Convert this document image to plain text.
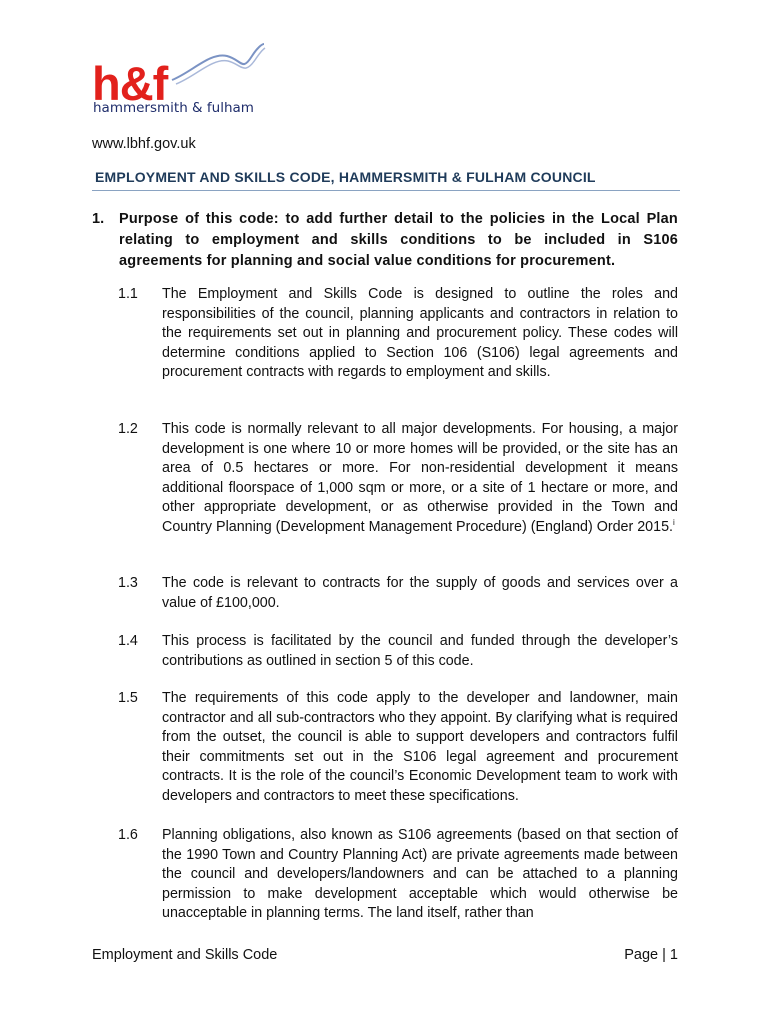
h&f
hammersmith & fulham
www.lbhf.gov.uk
EMPLOYMENT AND SKILLS CODE, HAMMERSMITH & FULHAM COUNCIL
1. Purpose of this code: to add further detail to the policies in the Local Plan relating to employment and skills conditions to be included in S106 agreements for planning and social value conditions for procurement.
1.1 The Employment and Skills Code is designed to outline the roles and responsibilities of the council, planning applicants and contractors in relation to the requirements set out in planning and procurement policy. These codes will determine conditions applied to Section 106 (S106) legal agreements and procurement contracts with regards to employment and skills.
1.2 This code is normally relevant to all major developments. For housing, a major development is one where 10 or more homes will be provided, or the site has an area of 0.5 hectares or more. For non-residential development it means additional floorspace of 1,000 sqm or more, or a site of 1 hectare or more, and other appropriate development, or as otherwise provided in the Town and Country Planning (Development Management Procedure) (England) Order 2015.$^i$
1.3 The code is relevant to contracts for the supply of goods and services over a value of £100,000.
1.4 This process is facilitated by the council and funded through the developer’s contributions as outlined in section 5 of this code.
1.5 The requirements of this code apply to the developer and landowner, main contractor and all sub-contractors who they appoint. By clarifying what is required from the outset, the council is able to support developers and contractors fulfil their commitments set out in the S106 legal agreement and procurement contracts. It is the role of the council’s Economic Development team to work with developers and contractors to meet these specifications.
1.6 Planning obligations, also known as S106 agreements (based on that section of the 1990 Town and Country Planning Act) are private agreements made between the council and developers/landowners and can be attached to a planning permission to make development acceptable which would otherwise be unacceptable in planning terms. The land itself, rather than
Employment and Skills Code	Page | 1
